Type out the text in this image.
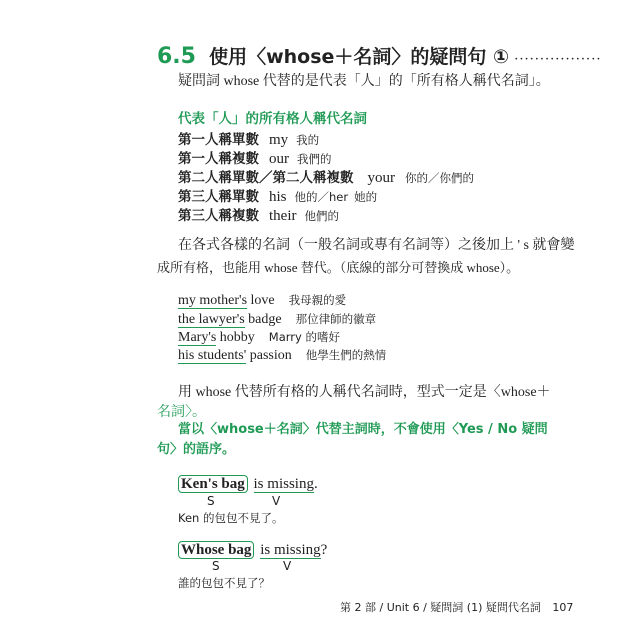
6.5 使用〈whose＋名詞〉的疑問句 ① ·················
疑問詞 whose 代替的是代表「人」的「所有格人稱代名詞」。
代表「人」的所有格人稱代名詞
第一人稱單數 my 我的
第一人稱複數 our 我們的
第二人稱單數／第二人稱複數 your 你的／你們的
第三人稱單數 his 他的／her 她的
第三人稱複數 their 他們的
在各式各樣的名詞（一般名詞或專有名詞等）之後加上 ' s 就會變
成所有格，也能用 whose 替代。（底線的部分可替換成 whose）。
my mother's love 我母親的愛
the lawyer's badge 那位律師的徽章
Mary's hobby Marry 的嗜好
his students' passion 他學生們的熱情
用 whose 代替所有格的人稱代名詞時，型式一定是〈whose＋
名詞〉。
當以〈whose＋名詞〉代替主詞時，不會使用〈Yes / No 疑問
句〉的語序。
Ken's bag is missing.
S	V
Ken 的包包不見了。
Whose bag is missing?
S	V
誰的包包不見了？
第 2 部 / Unit 6 / 疑問詞 (1) 疑問代名詞 107
